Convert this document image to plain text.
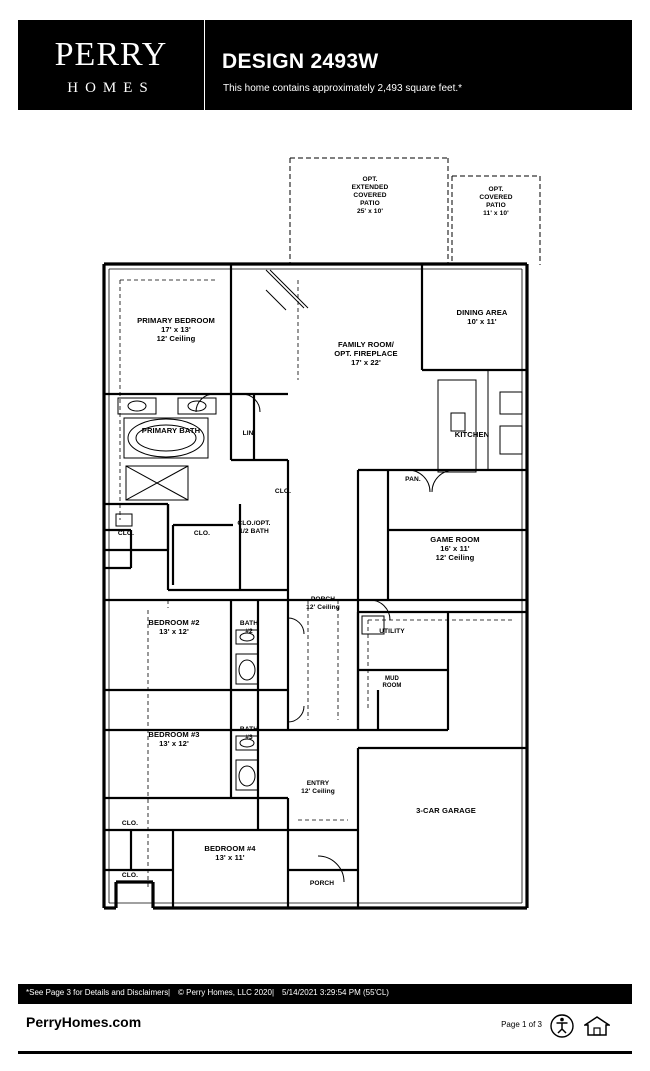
PERRY
HOMES
DESIGN 2493W
This home contains approximately 2,493 square feet.*
OPT.
EXTENDED
COVERED
PATIO
25' x 10'
OPT.
COVERED
PATIO
11' x 10'
PRIMARY BEDROOM
17' x 13'
12' Ceiling
FAMILY ROOM/
OPT. FIREPLACE
17' x 22'
DINING AREA
10' x 11'
PRIMARY BATH	LIN.
CLO.
KITCHEN
PAN.
CLO./OPT.
1/2 BATH
CLO.
CLO.
GAME ROOM
16' x 11'
12' Ceiling
BEDROOM #2
13' x 12'
BATH
#2
PORCH
12' Ceiling
UTILITY
MUD
ROOM
BEDROOM #3
13' x 12'
BATH
#3
ENTRY
12' Ceiling
3-CAR GARAGE
CLO.
CLO.
BEDROOM #4
13' x 11'
PORCH
*See Page 3 for Details and Disclaimers | © Perry Homes, LLC 2020 | 5/14/2021 3:29:54 PM (55'CL)
PerryHomes.com	Page 1 of 3
